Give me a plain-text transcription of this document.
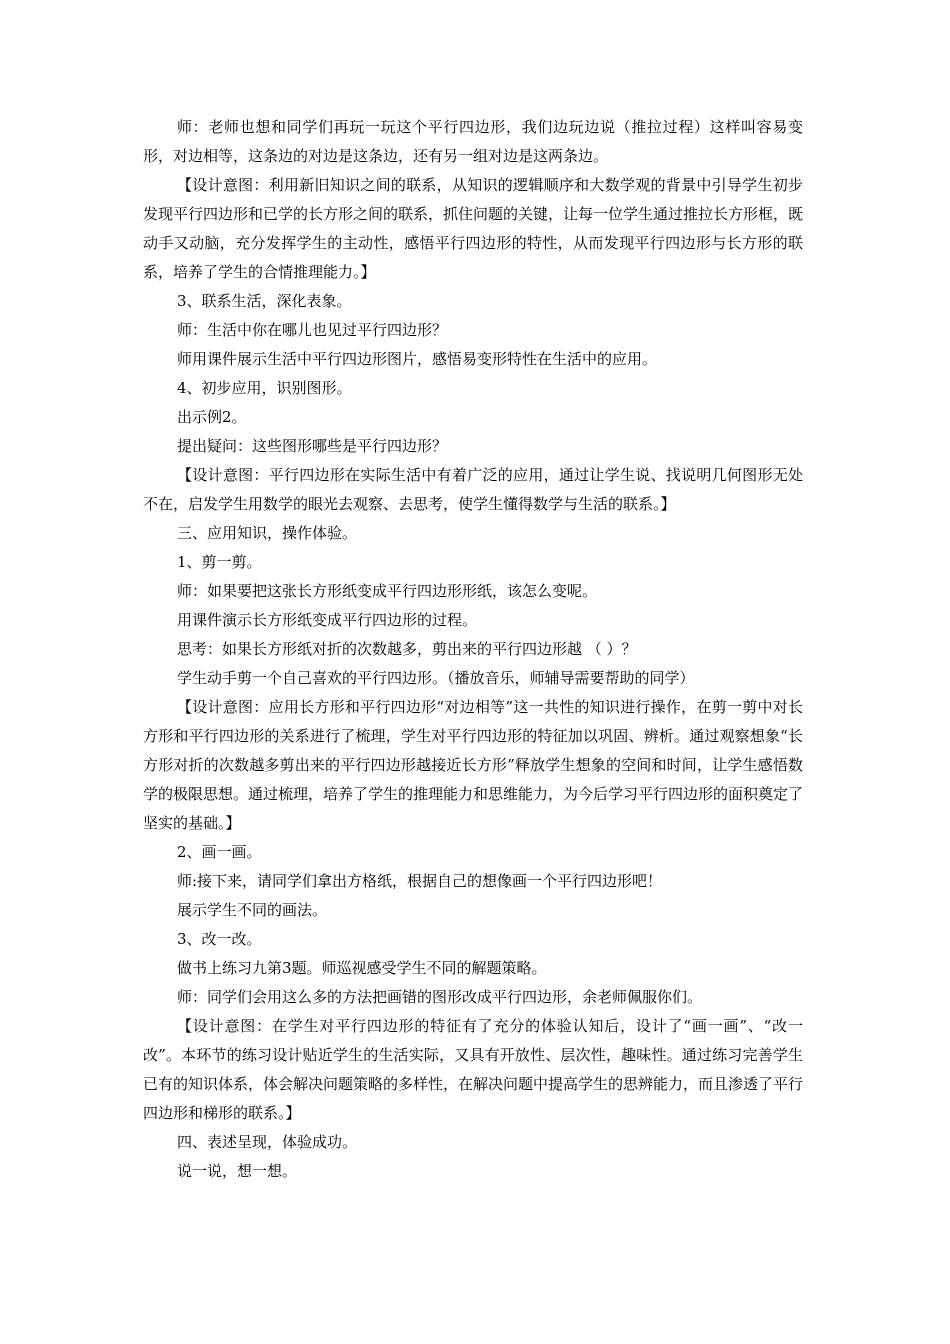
师：老师也想和同学们再玩一玩这个平行四边形，我们边玩边说（推拉过程）这样叫容易变形，对边相等，这条边的对边是这条边，还有另一组对边是这两条边。

【设计意图：利用新旧知识之间的联系，从知识的逻辑顺序和大数学观的背景中引导学生初步发现平行四边形和已学的长方形之间的联系，抓住问题的关键，让每一位学生通过推拉长方形框，既动手又动脑，充分发挥学生的主动性，感悟平行四边形的特性，从而发现平行四边形与长方形的联系，培养了学生的合情推理能力。】

3、联系生活，深化表象。

师：生活中你在哪儿也见过平行四边形？

师用课件展示生活中平行四边形图片，感悟易变形特性在生活中的应用。

4、初步应用，识别图形。

出示例2。

提出疑问：这些图形哪些是平行四边形？

【设计意图：平行四边形在实际生活中有着广泛的应用，通过让学生说、找说明几何图形无处不在，启发学生用数学的眼光去观察、去思考，使学生懂得数学与生活的联系。】

三、应用知识，操作体验。

1、剪一剪。

师：如果要把这张长方形纸变成平行四边形形纸，该怎么变呢。

用课件演示长方形纸变成平行四边形的过程。

思考：如果长方形纸对折的次数越多，剪出来的平行四边形越 （ ）？

学生动手剪一个自己喜欢的平行四边形。（播放音乐，师辅导需要帮助的同学）

【设计意图：应用长方形和平行四边形“对边相等”这一共性的知识进行操作，在剪一剪中对长方形和平行四边形的关系进行了梳理，学生对平行四边形的特征加以巩固、辨析。通过观察想象“长方形对折的次数越多剪出来的平行四边形越接近长方形”释放学生想象的空间和时间，让学生感悟数学的极限思想。通过梳理，培养了学生的推理能力和思维能力，为今后学习平行四边形的面积奠定了坚实的基础。】

2、画一画。

师:接下来，请同学们拿出方格纸，根据自己的想像画一个平行四边形吧！

展示学生不同的画法。

3、改一改。

做书上练习九第3题。师巡视感受学生不同的解题策略。

师：同学们会用这么多的方法把画错的图形改成平行四边形，余老师佩服你们。

【设计意图：在学生对平行四边形的特征有了充分的体验认知后，设计了“画一画”、“改一改”。本环节的练习设计贴近学生的生活实际，又具有开放性、层次性，趣味性。通过练习完善学生已有的知识体系，体会解决问题策略的多样性，在解决问题中提高学生的思辨能力，而且渗透了平行四边形和梯形的联系。】

四、表述呈现，体验成功。

说一说，想一想。
